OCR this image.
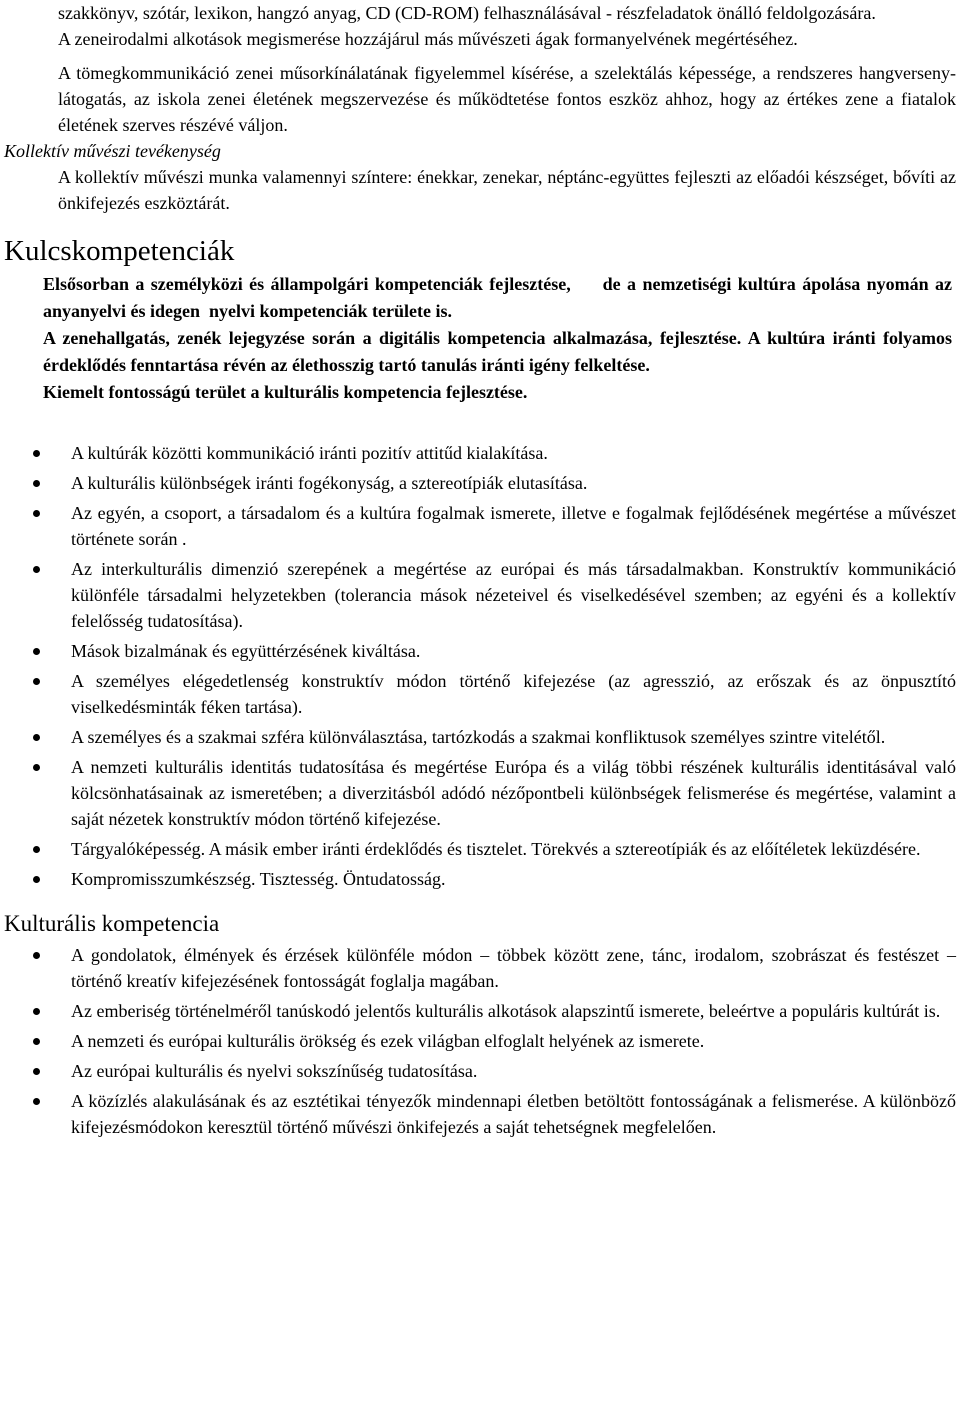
szakkönyv, szótár, lexikon, hangzó anyag, CD (CD-ROM) felhasználásával - részfeladatok önálló feldolgozására.

A zeneirodalmi alkotások megismerése hozzájárul más művészeti ágak formanyelvének megértéséhez.

A tömegkommunikáció zenei műsorkínálatának figyelemmel kísérése, a szelektálás képessége, a rendszeres hangverseny-látogatás, az iskola zenei életének megszervezése és működtetése fontos eszköz ahhoz, hogy az értékes zene a fiatalok életének szerves részévé váljon.

Kollektív művészi tevékenység

A kollektív művészi munka valamennyi színtere: énekkar, zenekar, néptánc-együttes fejleszti az előadói készséget, bővíti az önkifejezés eszköztárát.

Kulcskompetenciák

Elsősorban a személyközi és állampolgári kompetenciák fejlesztése,     de a nemzetiségi kultúra ápolása nyomán az anyanyelvi és idegen  nyelvi kompetenciák területe is.

A zenehallgatás, zenék lejegyzése során a digitális kompetencia alkalmazása, fejlesztése. A kultúra iránti folyamos érdeklődés fenntartása révén az élethosszig tartó tanulás iránti igény felkeltése.

Kiemelt fontosságú terület a kulturális kompetencia fejlesztése.

A kultúrák közötti kommunikáció iránti pozitív attitűd kialakítása.
A kulturális különbségek iránti fogékonyság, a sztereotípiák elutasítása.
Az egyén, a csoport, a társadalom és a kultúra fogalmak ismerete, illetve e fogalmak fejlődésének megértése a művészet története során .
Az interkulturális dimenzió szerepének a megértése az európai és más társadalmakban. Konstruktív kommunikáció különféle társadalmi helyzetekben (tolerancia mások nézeteivel és viselkedésével szemben; az egyéni és a kollektív felelősség tudatosítása).
Mások bizalmának és együttérzésének kiváltása.
A személyes elégedetlenség konstruktív módon történő kifejezése (az agresszió, az erőszak és az önpusztító viselkedésminták féken tartása).
A személyes és a szakmai szféra különválasztása, tartózkodás a szakmai konfliktusok személyes szintre vitelétől.
A nemzeti kulturális identitás tudatosítása és megértése Európa és a világ többi részének kulturális identitásával való kölcsönhatásainak az ismeretében; a diverzitásból adódó nézőpontbeli különbségek felismerése és megértése, valamint a saját nézetek konstruktív módon történő kifejezése.
Tárgyalóképesség. A másik ember iránti érdeklődés és tisztelet. Törekvés a sztereotípiák és az előítéletek leküzdésére.
Kompromisszumkészség. Tisztesség. Öntudatosság.
Kulturális kompetencia
A gondolatok, élmények és érzések különféle módon – többek között zene, tánc, irodalom, szobrászat és festészet – történő kreatív kifejezésének fontosságát foglalja magában.
Az emberiség történelméről tanúskodó jelentős kulturális alkotások alapszintű ismerete, beleértve a populáris kultúrát is.
A nemzeti és európai kulturális örökség és ezek világban elfoglalt helyének az ismerete.
Az európai kulturális és nyelvi sokszínűség tudatosítása.
A közízlés alakulásának és az esztétikai tényezők mindennapi életben betöltött fontosságának a felismerése. A különböző kifejezésmódokon keresztül történő művészi önkifejezés a saját tehetségnek megfelelően.
